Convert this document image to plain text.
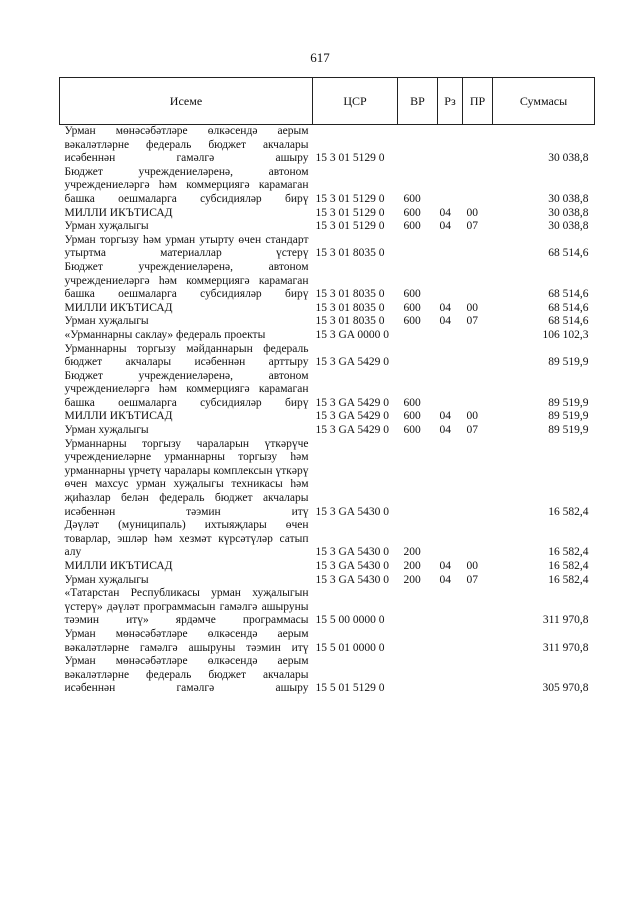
617
Исеме	ЦСР	ВР	Рз	ПР	Суммасы
Урман мөнәсәбәтләре өлкәсендә аерым вәкаләтләрне федераль бюджет акчалары исәбеннән гамәлгә ашыру	15 3 01 5129 0				30 038,8
Бюджет учреждениеләренә, автоном учреждениеләргә һәм коммерциягә карамаган башка оешмаларга субсидияләр бирү	15 3 01 5129 0	600			30 038,8
МИЛЛИ ИКЪТИСАД	15 3 01 5129 0	600	04	00	30 038,8
Урман хуҗалыгы	15 3 01 5129 0	600	04	07	30 038,8
Урман торгызу һәм урман утырту өчен стандарт утыртма материаллар үстерү	15 3 01 8035 0				68 514,6
Бюджет учреждениеләренә, автоном учреждениеләргә һәм коммерциягә карамаган башка оешмаларга субсидияләр бирү	15 3 01 8035 0	600			68 514,6
МИЛЛИ ИКЪТИСАД	15 3 01 8035 0	600	04	00	68 514,6
Урман хуҗалыгы	15 3 01 8035 0	600	04	07	68 514,6
«Урманнарны саклау» федераль проекты	15 3 GA 0000 0				106 102,3
Урманнарны торгызу мәйданнарын федераль бюджет акчалары исәбеннән арттыру	15 3 GA 5429 0				89 519,9
Бюджет учреждениеләренә, автоном учреждениеләргә һәм коммерциягә карамаган башка оешмаларга субсидияләр бирү	15 3 GA 5429 0	600			89 519,9
МИЛЛИ ИКЪТИСАД	15 3 GA 5429 0	600	04	00	89 519,9
Урман хуҗалыгы	15 3 GA 5429 0	600	04	07	89 519,9
Урманнарны торгызу чараларын үткәрүче учреждениеләрне урманнарны торгызу һәм урманнарны үрчетү чаралары комплексын үткәрү өчен махсус урман хуҗалыгы техникасы һәм җиһазлар белән федераль бюджет акчалары исәбеннән тәэмин итү	15 3 GA 5430 0				16 582,4
Дәүләт (муниципаль) ихтыяҗлары өчен товарлар, эшләр һәм хезмәт күрсәтүләр сатып алу	15 3 GA 5430 0	200			16 582,4
МИЛЛИ ИКЪТИСАД	15 3 GA 5430 0	200	04	00	16 582,4
Урман хуҗалыгы	15 3 GA 5430 0	200	04	07	16 582,4
«Татарстан Республикасы урман хуҗалыгын үстерү» дәүләт программасын гамәлгә ашыруны тәэмин итү» ярдәмче программасы	15 5 00 0000 0				311 970,8
Урман мөнәсәбәтләре өлкәсендә аерым вәкаләтләрне гамәлгә ашыруны тәэмин итү	15 5 01 0000 0				311 970,8
Урман мөнәсәбәтләре өлкәсендә аерым вәкаләтләрне федераль бюджет акчалары исәбеннән гамәлгә ашыру	15 5 01 5129 0				305 970,8
